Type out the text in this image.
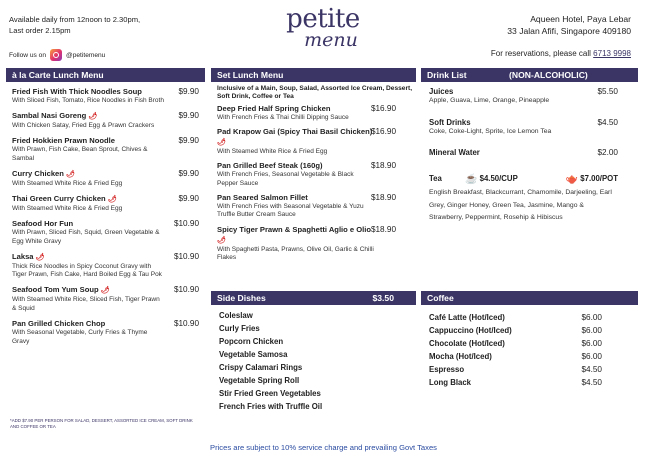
Available daily from 12noon to 2.30pm,
Last order 2.15pm
Follow us on	@petitemenu
petite
menu
Aqueen Hotel, Paya Lebar
33 Jalan Afifi, Singapore 409180
For reservations, please call 6713 9998
à la Carte Lunch Menu
Fried Fish With Thick Noodles Soup	$9.90
With Sliced Fish, Tomato, Rice Noodles in Fish Broth
Sambal Nasi Goreng 🌶	$9.90
With Chicken Satay, Fried Egg & Prawn Crackers
Fried Hokkien Prawn Noodle	$9.90
With Prawn, Fish Cake, Bean Sprout, Chives & Sambal
Curry Chicken 🌶	$9.90
With Steamed White Rice & Fried Egg
Thai Green Curry Chicken 🌶	$9.90
With Steamed White Rice & Fried Egg
Seafood Hor Fun	$10.90
With Prawn, Sliced Fish, Squid, Green Vegetable & Egg White Gravy
Laksa 🌶	$10.90
Thick Rice Noodles in Spicy Coconut Gravy with Tiger Prawn, Fish Cake, Hard Boiled Egg & Tau Pok
Seafood Tom Yum Soup 🌶	$10.90
With Steamed White Rice, Sliced Fish, Tiger Prawn & Squid
Pan Grilled Chicken Chop	$10.90
With Seasonal Vegetable, Curly Fries & Thyme Gravy
*ADD $7.90 PER PERSON FOR SALAD, DESSERT, ASSORTED ICE CREAM, SOFT DRINK AND COFFEE OR TEA
Set Lunch Menu
Inclusive of a Main, Soup, Salad, Assorted Ice Cream, Dessert, Soft Drink, Coffee or Tea
Deep Fried Half Spring Chicken	$16.90
With French Fries & Thai Chilli Dipping Sauce
Pad Krapow Gai (Spicy Thai Basil Chicken) 🌶
$16.90
With Steamed White Rice & Fried Egg
Pan Grilled Beef Steak (160g)	$18.90
With French Fries, Seasonal Vegetable & Black Pepper Sauce
Pan Seared Salmon Fillet	$18.90
With French Fries with Seasonal Vegetable & Yuzu Truffle Butter Cream Sauce
Spicy Tiger Prawn & Spaghetti Aglio e Olio 🌶
$18.90
With Spaghetti Pasta, Prawns, Olive Oil, Garlic & Chilli Flakes
Side Dishes	$3.50
Coleslaw
Curly Fries
Popcorn Chicken
Vegetable Samosa
Crispy Calamari Rings
Vegetable Spring Roll
Stir Fried Green Vegetables
French Fries with Truffle Oil
Drink List	(NON-ALCOHOLIC)
Juices	$5.50
Apple, Guava, Lime, Orange, Pineapple
Soft Drinks	$4.50
Coke, Coke-Light, Sprite, Ice Lemon Tea
Mineral Water	$2.00
Tea ☕ $4.50/CUP	🫖 $7.00/POT
English Breakfast, Blackcurrant, Chamomile, Darjeeling, Earl Grey, Ginger Honey, Green Tea, Jasmine, Mango & Strawberry, Peppermint, Rosehip & Hibiscus
Coffee
Café Latte (Hot/Iced)	$6.00
Cappuccino (Hot/Iced)	$6.00
Chocolate (Hot/Iced)	$6.00
Mocha (Hot/Iced)	$6.00
Espresso	$4.50
Long Black	$4.50
Prices are subject to 10% service charge and prevailing Govt Taxes
